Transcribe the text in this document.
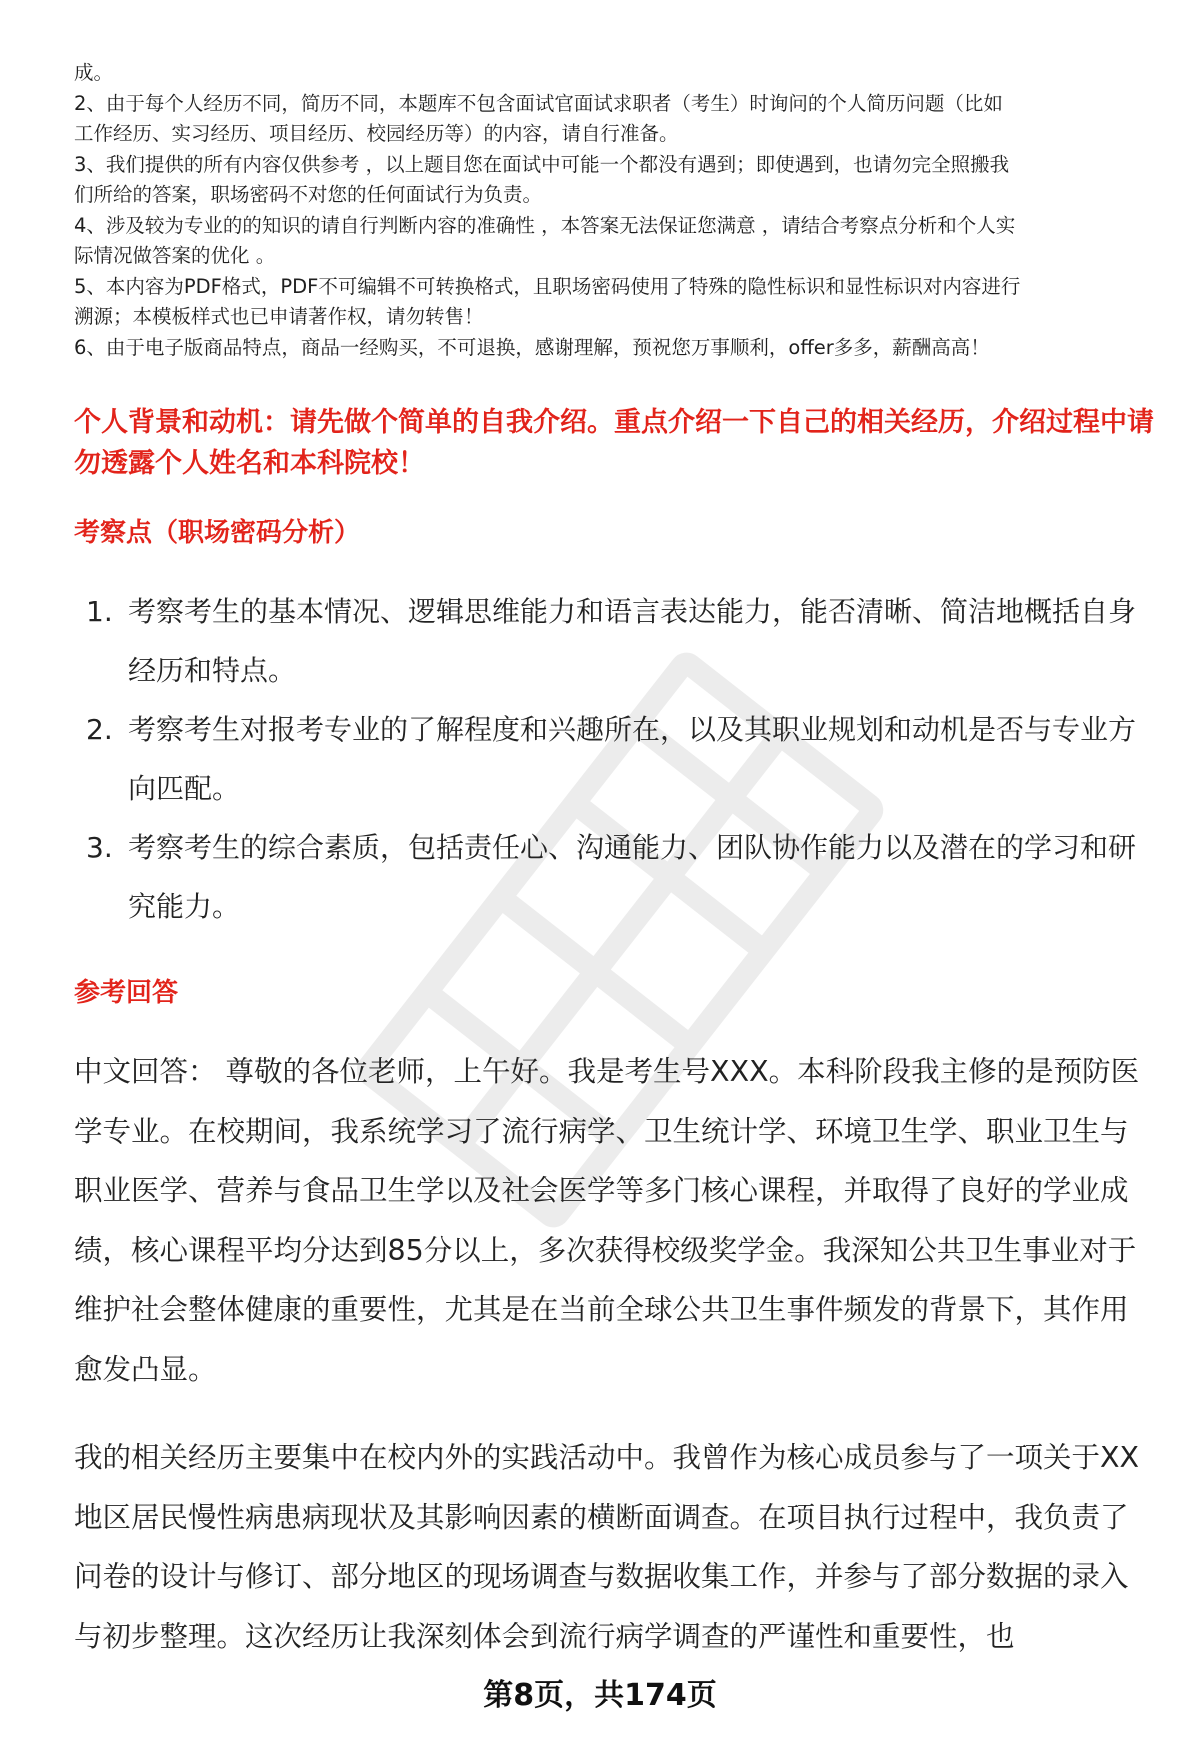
成。

2、由于每个人经历不同，简历不同，本题库不包含面试官面试求职者（考生）时询问的个人简历问题（比如

工作经历、实习经历、项目经历、校园经历等）的内容，请自行准备。

3、我们提供的所有内容仅供参考 ，以上题目您在面试中可能一个都没有遇到；即使遇到，也请勿完全照搬我

们所给的答案，职场密码不对您的任何面试行为负责。

4、涉及较为专业的的知识的请自行判断内容的准确性 ，本答案无法保证您满意 ，请结合考察点分析和个人实

际情况做答案的优化 。

5、本内容为PDF格式，PDF不可编辑不可转换格式，且职场密码使用了特殊的隐性标识和显性标识对内容进行

溯源；本模板样式也已申请著作权，请勿转售！

6、由于电子版商品特点，商品一经购买，不可退换，感谢理解，预祝您万事顺利，offer多多，薪酬高高！

个人背景和动机：请先做个简单的自我介绍。重点介绍一下自己的相关经历，介绍过程中请勿透露个人姓名和本科院校！

考察点（职场密码分析）

1. 考察考生的基本情况、逻辑思维能力和语言表达能力，能否清晰、简洁地概括自身经历和特点。
2. 考察考生对报考专业的了解程度和兴趣所在，以及其职业规划和动机是否与专业方向匹配。
3. 考察考生的综合素质，包括责任心、沟通能力、团队协作能力以及潜在的学习和研究能力。

参考回答

中文回答： 尊敬的各位老师，上午好。我是考生号XXX。本科阶段我主修的是预防医学专业。在校期间，我系统学习了流行病学、卫生统计学、环境卫生学、职业卫生与职业医学、营养与食品卫生学以及社会医学等多门核心课程，并取得了良好的学业成绩，核心课程平均分达到85分以上，多次获得校级奖学金。我深知公共卫生事业对于维护社会整体健康的重要性，尤其是在当前全球公共卫生事件频发的背景下，其作用愈发凸显。

我的相关经历主要集中在校内外的实践活动中。我曾作为核心成员参与了一项关于XX地区居民慢性病患病现状及其影响因素的横断面调查。在项目执行过程中，我负责了问卷的设计与修订、部分地区的现场调查与数据收集工作，并参与了部分数据的录入与初步整理。这次经历让我深刻体会到流行病学调查的严谨性和重要性，也

第8页，共174页
